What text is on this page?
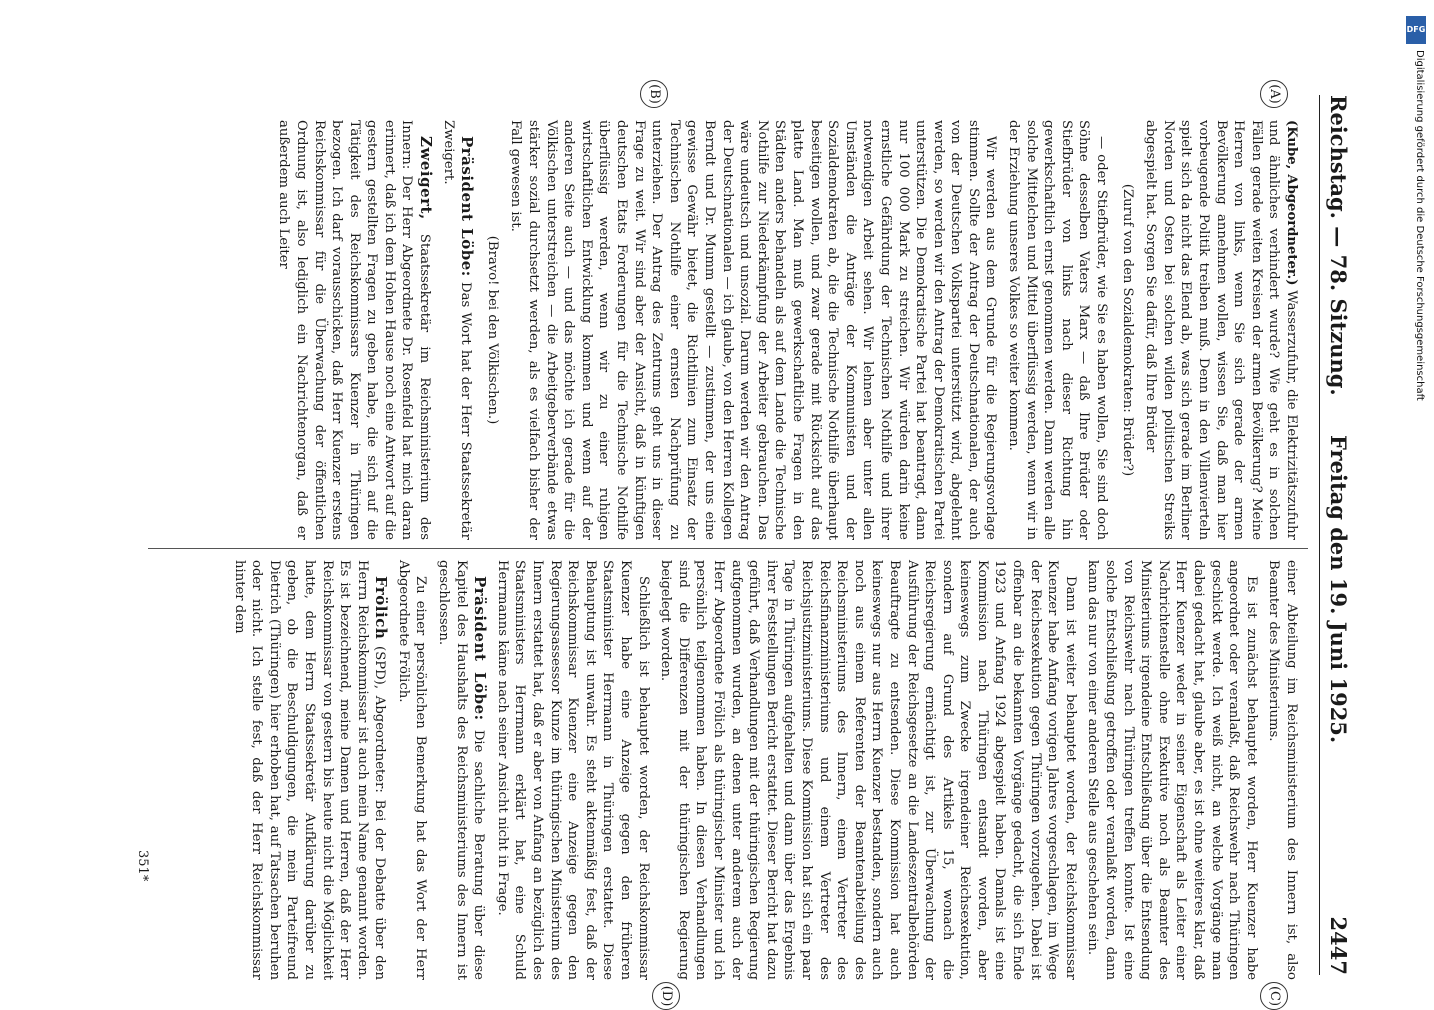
Reichstag. — 78. Sitzung.
Freitag den 19. Juni 1925.
2447
(A)
(B)
(C)
(D)

(Kube, Abgeordneter.) Wasserzufuhr, die Elektrizitätszufuhr und ähnliches verhindert wurde? Wie geht es in solchen Fällen gerade weiten Kreisen der armen Bevölkerung? Meine Herren von links, wenn Sie sich gerade der armen Bevölkerung annehmen wollen, wissen Sie, daß man hier vorbeugende Politik treiben muß. Denn in den Villenvierteln spielt sich da nicht das Elend ab, was sich gerade im Berliner Norden und Osten bei solchen wilden politischen Streiks abgespielt hat. Sorgen Sie dafür, daß Ihre Brüder

(Zuruf von den Sozialdemokraten: Brüder?)

— oder Stiefbrüder, wie Sie es haben wollen, Sie sind doch Söhne desselben Vaters Marx — daß Ihre Brüder oder Stiefbrüder von links nach dieser Richtung hin gewerkschaftlich ernst genommen werden. Dann werden alle solche Mittelchen und Mittel überflüssig werden, wenn wir in der Erziehung unseres Volkes so weiter kommen.

Wir werden aus dem Grunde für die Regierungsvorlage stimmen. Sollte der Antrag der Deutschnationalen, der auch von der Deutschen Volkspartei unterstützt wird, abgelehnt werden, so werden wir den Antrag der Demokratischen Partei unterstützen. Die Demokratische Partei hat beantragt, dann nur 100 000 Mark zu streichen. Wir würden darin keine ernstliche Gefährdung der Technischen Nothilfe und ihrer notwendigen Arbeit sehen. Wir lehnen aber unter allen Umständen die Anträge der Kommunisten und der Sozialdemokraten ab, die die Technische Nothilfe überhaupt beseitigen wollen, und zwar gerade mit Rücksicht auf das platte Land. Man muß gewerkschaftliche Fragen in den Städten anders behandeln als auf dem Lande die Technische Nothilfe zur Niederkämpfung der Arbeiter gebrauchen. Das wäre undeutsch und unsozial. Darum werden wir den Antrag der Deutschnationalen — ich glaube, von den Herren Kollegen Berndt und Dr. Mumm gestellt — zustimmen, der uns eine gewisse Gewähr bietet, die Richtlinien zum Einsatz der Technischen Nothilfe einer ernsten Nachprüfung zu unterziehen. Der Antrag des Zentrums geht uns in dieser Frage zu weit. Wir sind aber der Ansicht, daß in künftigen deutschen Etats Forderungen für die Technische Nothilfe überflüssig werden, wenn wir zu einer ruhigen wirtschaftlichen Entwicklung kommen und wenn auf der anderen Seite auch — und das möchte ich gerade für die Völkischen unterstreichen — die Arbeitgeberverbände etwas stärker sozial durchsetzt werden, als es vielfach bisher der Fall gewesen ist.

(Bravo! bei den Völkischen.)

Präsident Löbe: Das Wort hat der Herr Staatssekretär Zweigert.

Zweigert, Staatssekretär im Reichsministerium des Innern: Der Herr Abgeordnete Dr. Rosenfeld hat mich daran erinnert, daß ich dem Hohen Hause noch eine Antwort auf die gestern gestellten Fragen zu geben habe, die sich auf die Tätigkeit des Reichskommissars Kuenzer in Thüringen bezogen. Ich darf vorausschicken, daß Herr Kuenzer erstens Reichskommissar für die Überwachung der öffentlichen Ordnung ist, also lediglich ein Nachrichtenorgan, daß er außerdem auch Leiter

einer Abteilung im Reichsministerium des Innern ist, also Beamter des Ministeriums.

Es ist zunächst behauptet worden, Herr Kuenzer habe angeordnet oder veranlaßt, daß Reichswehr nach Thüringen geschickt werde. Ich weiß nicht, an welche Vorgänge man dabei gedacht hat, glaube aber, es ist ohne weiteres klar, daß Herr Kuenzer weder in seiner Eigenschaft als Leiter einer Nachrichtenstelle ohne Exekutive noch als Beamter des Ministeriums irgendeine Entschließung über die Entsendung von Reichswehr nach Thüringen treffen konnte. Ist eine solche Entschließung getroffen oder veranlaßt worden, dann kann das nur von einer anderen Stelle aus geschehen sein.

Dann ist weiter behauptet worden, der Reichskommissar Kuenzer habe Anfang vorigen Jahres vorgeschlagen, im Wege der Reichsexekution gegen Thüringen vorzugehen. Dabei ist offenbar an die bekannten Vorgänge gedacht, die sich Ende 1923 und Anfang 1924 abgespielt haben. Damals ist eine Kommission nach Thüringen entsandt worden, aber keineswegs zum Zwecke irgendeiner Reichsexekution, sondern auf Grund des Artikels 15, wonach die Reichsregierung ermächtigt ist, zur Überwachung der Ausführung der Reichsgesetze an die Landeszentralbehörden Beauftragte zu entsenden. Diese Kommission hat auch keineswegs nur aus Herrn Kuenzer bestanden, sondern auch noch aus einem Referenten der Beamtenabteilung des Reichsministeriums des Innern, einem Vertreter des Reichsfinanzministeriums und einem Vertreter des Reichsjustizministeriums. Diese Kommission hat sich ein paar Tage in Thüringen aufgehalten und dann über das Ergebnis ihrer Feststellungen Bericht erstattet. Dieser Bericht hat dazu geführt, daß Verhandlungen mit der thüringischen Regierung aufgenommen wurden, an denen unter anderem auch der Herr Abgeordnete Frölich als thüringischer Minister und ich persönlich teilgenommen haben. In diesen Verhandlungen sind die Differenzen mit der thüringischen Regierung beigelegt worden.

Schließlich ist behauptet worden, der Reichskommissar Kuenzer habe eine Anzeige gegen den früheren Staatsminister Herrmann in Thüringen erstattet. Diese Behauptung ist unwahr. Es steht aktenmäßig fest, daß der Reichskommissar Kuenzer eine Anzeige gegen den Regierungsassessor Kunze im thüringischen Ministerium des Innern erstattet hat, daß er aber von Anfang an bezüglich des Staatsministers Herrmann erklärt hat, eine Schuld Herrmanns käme nach seiner Ansicht nicht in Frage.

Präsident Löbe: Die sachliche Beratung über diese Kapitel des Haushalts des Reichsministeriums des Innern ist geschlossen.

Zu einer persönlichen Bemerkung hat das Wort der Herr Abgeordnete Frölich.

Frölich (SPD), Abgeordneter: Bei der Debatte über den Herrn Reichskommissar ist auch mein Name genannt worden. Es ist bezeichnend, meine Damen und Herren, daß der Herr Reichskommissar von gestern bis heute nicht die Möglichkeit hatte, dem Herrn Staatssekretär Aufklärung darüber zu geben, ob die Beschuldigungen, die mein Parteifreund Dietrich (Thüringen) hier erhoben hat, auf Tatsachen beruhen oder nicht. Ich stelle fest, daß der Herr Reichskommissar hinter dem

351*
DFG
Digitalisierung gefördert durch die Deutsche Forschungsgemeinschaft
